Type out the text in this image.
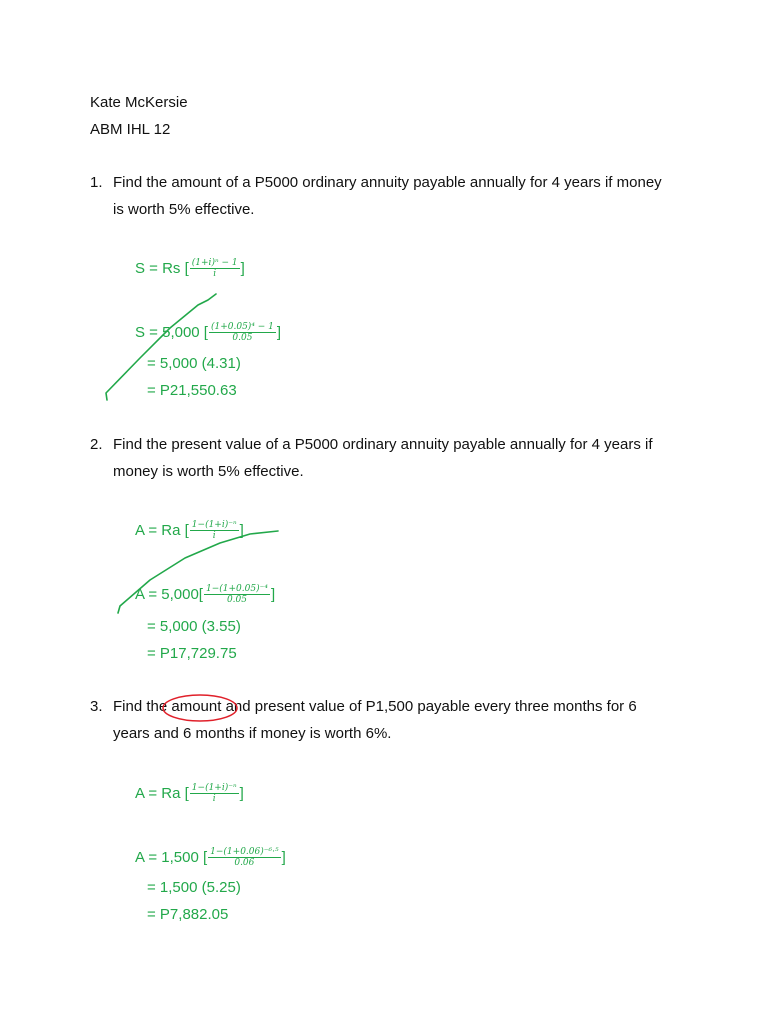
Kate McKersie
ABM IHL 12
1. Find the amount of a P5000 ordinary annuity payable annually for 4 years if money
is worth 5% effective.
S = Rs [ $\frac{\text{(1+i)ⁿ − 1}}{i}$ ]
S = 5,000 [ $\frac{\text{(1+0.05)⁴ − 1}}{0.05}$ ]
= 5,000 (4.31)
= P21,550.63
2. Find the present value of a P5000 ordinary annuity payable annually for 4 years if
money is worth 5% effective.
A = Ra [ $\frac{\text{1−(1+i)⁻ⁿ}}{i}$ ]
$A = 5,000[ \frac{\text{1−(1+0.05)⁻⁴}}{0.05}$ ]
= 5,000 (3.55)
= P17,729.75
3. Find the amount and present value of P1,500 payable every three months for 6
years and 6 months if money is worth 6%.
A = Ra [ $\frac{\text{1−(1+i)⁻ⁿ}}{i}$ ]
A = 1,500 [ $\frac{\text{1−(1+0.06)⁻⁶·⁵}}{0.06}$ ]
= 1,500 (5.25)
= P7,882.05
